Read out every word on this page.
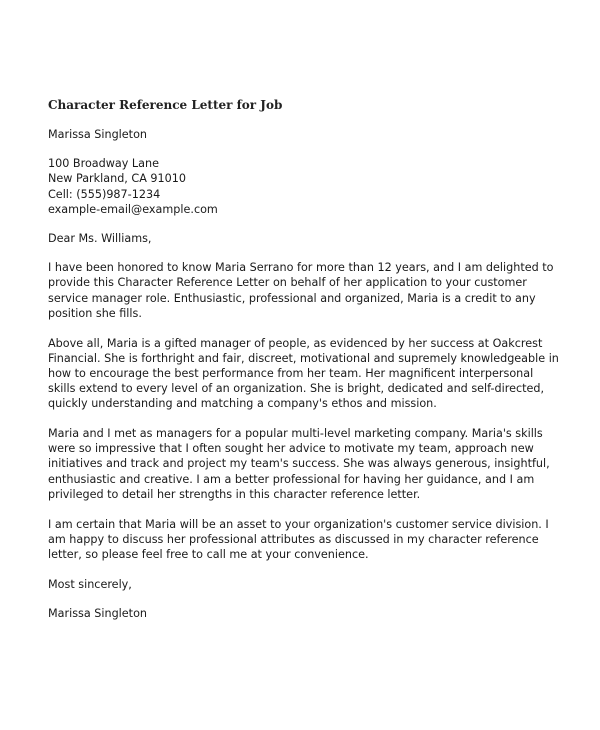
Character Reference Letter for Job
Marissa Singleton
100 Broadway Lane
New Parkland, CA 91010
Cell: (555)987-1234
example-email@example.com
Dear Ms. Williams,
I have been honored to know Maria Serrano for more than 12 years, and I am delighted to
provide this Character Reference Letter on behalf of her application to your customer
service manager role. Enthusiastic, professional and organized, Maria is a credit to any
position she fills.
Above all, Maria is a gifted manager of people, as evidenced by her success at Oakcrest
Financial. She is forthright and fair, discreet, motivational and supremely knowledgeable in
how to encourage the best performance from her team. Her magnificent interpersonal
skills extend to every level of an organization. She is bright, dedicated and self-directed,
quickly understanding and matching a company's ethos and mission.
Maria and I met as managers for a popular multi-level marketing company. Maria's skills
were so impressive that I often sought her advice to motivate my team, approach new
initiatives and track and project my team's success. She was always generous, insightful,
enthusiastic and creative. I am a better professional for having her guidance, and I am
privileged to detail her strengths in this character reference letter.
I am certain that Maria will be an asset to your organization's customer service division. I
am happy to discuss her professional attributes as discussed in my character reference
letter, so please feel free to call me at your convenience.
Most sincerely,
Marissa Singleton
